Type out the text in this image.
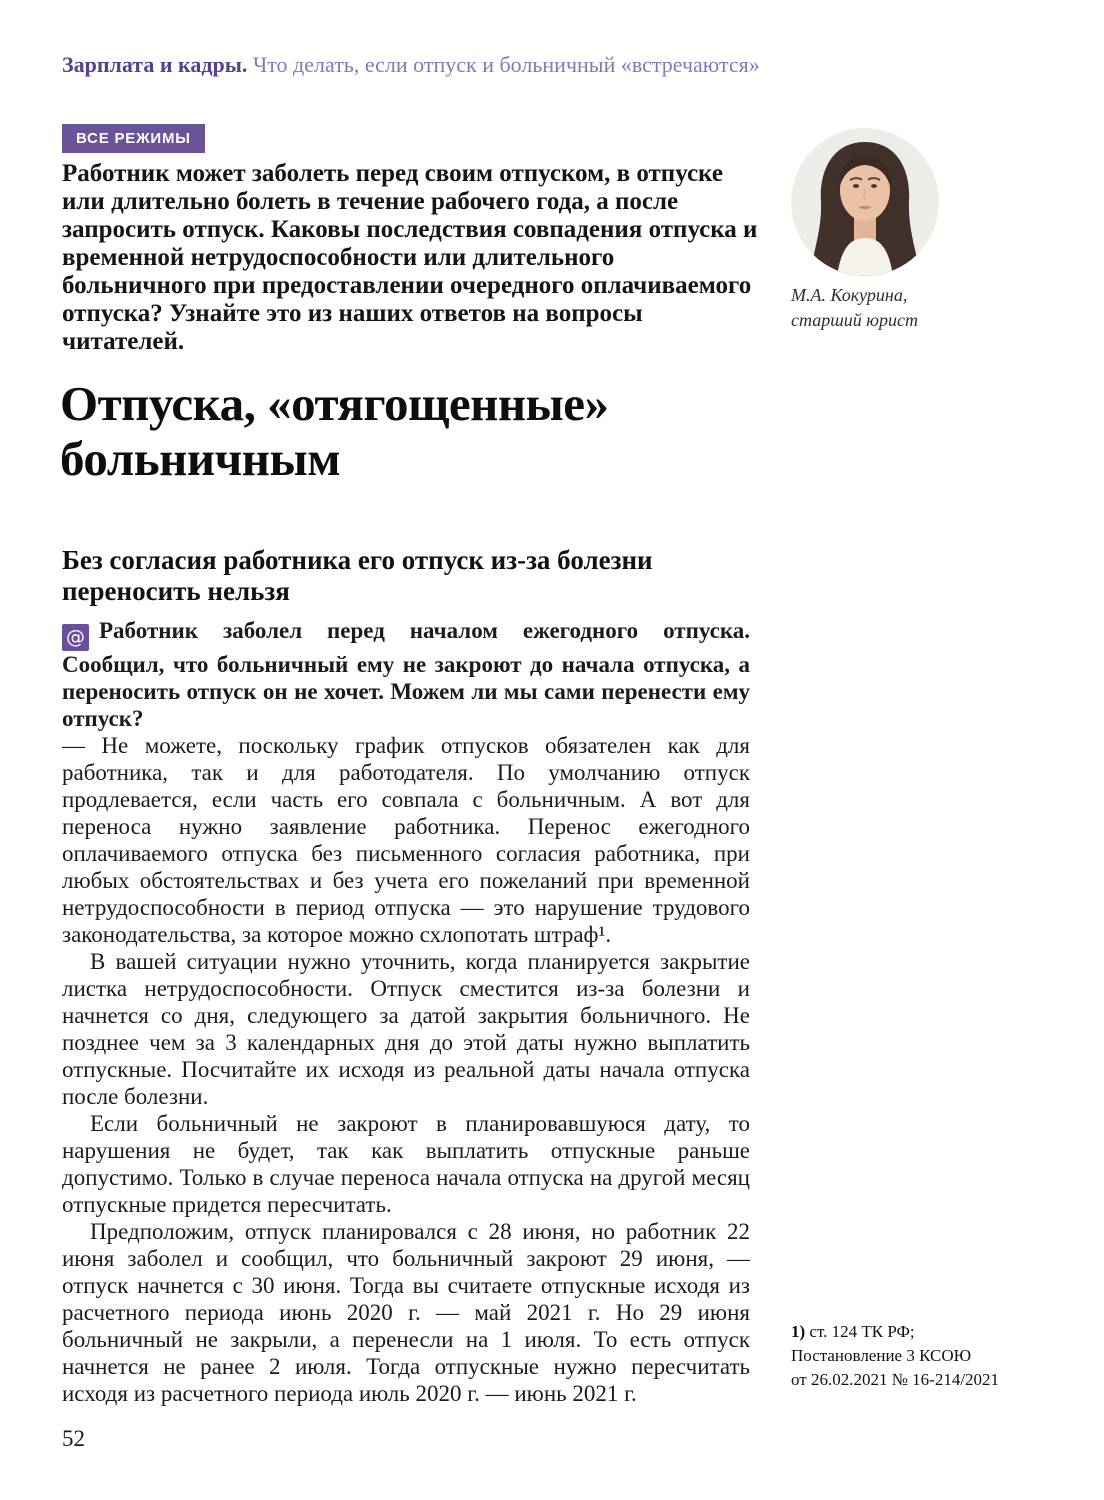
Зарплата и кадры. Что делать, если отпуск и больничный «встречаются»
ВСЕ РЕЖИМЫ
Работник может заболеть перед своим отпуском, в отпуске или длительно болеть в течение рабочего года, а после запросить отпуск. Каковы последствия совпадения отпуска и временной нетрудоспособности или длительного больничного при предоставлении очередного оплачиваемого отпуска? Узнайте это из наших ответов на вопросы читателей.
М.А. Кокурина,
старший юрист
Отпуска, «отягощенные» больничным
Без согласия работника его отпуск из-за болезни переносить нельзя

@ Работник заболел перед началом ежегодного отпуска. Сообщил, что больничный ему не закроют до начала отпуска, а переносить отпуск он не хочет. Можем ли мы сами перенести ему отпуск?

— Не можете, поскольку график отпусков обязателен как для работника, так и для работодателя. По умолчанию отпуск продлевается, если часть его совпала с больничным. А вот для переноса нужно заявление работника. Перенос ежегодного оплачиваемого отпуска без письменного согласия работника, при любых обстоятельствах и без учета его пожеланий при временной нетрудоспособности в период отпуска — это нарушение трудового законодательства, за которое можно схлопотать штраф¹.

В вашей ситуации нужно уточнить, когда планируется закрытие листка нетрудоспособности. Отпуск сместится из-за болезни и начнется со дня, следующего за датой закрытия больничного. Не позднее чем за 3 календарных дня до этой даты нужно выплатить отпускные. Посчитайте их исходя из реальной даты начала отпуска после болезни.

Если больничный не закроют в планировавшуюся дату, то нарушения не будет, так как выплатить отпускные раньше допустимо. Только в случае переноса начала отпуска на другой месяц отпускные придется пересчитать.

Предположим, отпуск планировался с 28 июня, но работник 22 июня заболел и сообщил, что больничный закроют 29 июня, — отпуск начнется с 30 июня. Тогда вы считаете отпускные исходя из расчетного периода июнь 2020 г. — май 2021 г. Но 29 июня больничный не закрыли, а перенесли на 1 июля. То есть отпуск начнется не ранее 2 июля. Тогда отпускные нужно пересчитать исходя из расчетного периода июль 2020 г. — июнь 2021 г.

1) ст. 124 ТК РФ;
Постановление 3 КСОЮ
от 26.02.2021 № 16-214/2021
52
